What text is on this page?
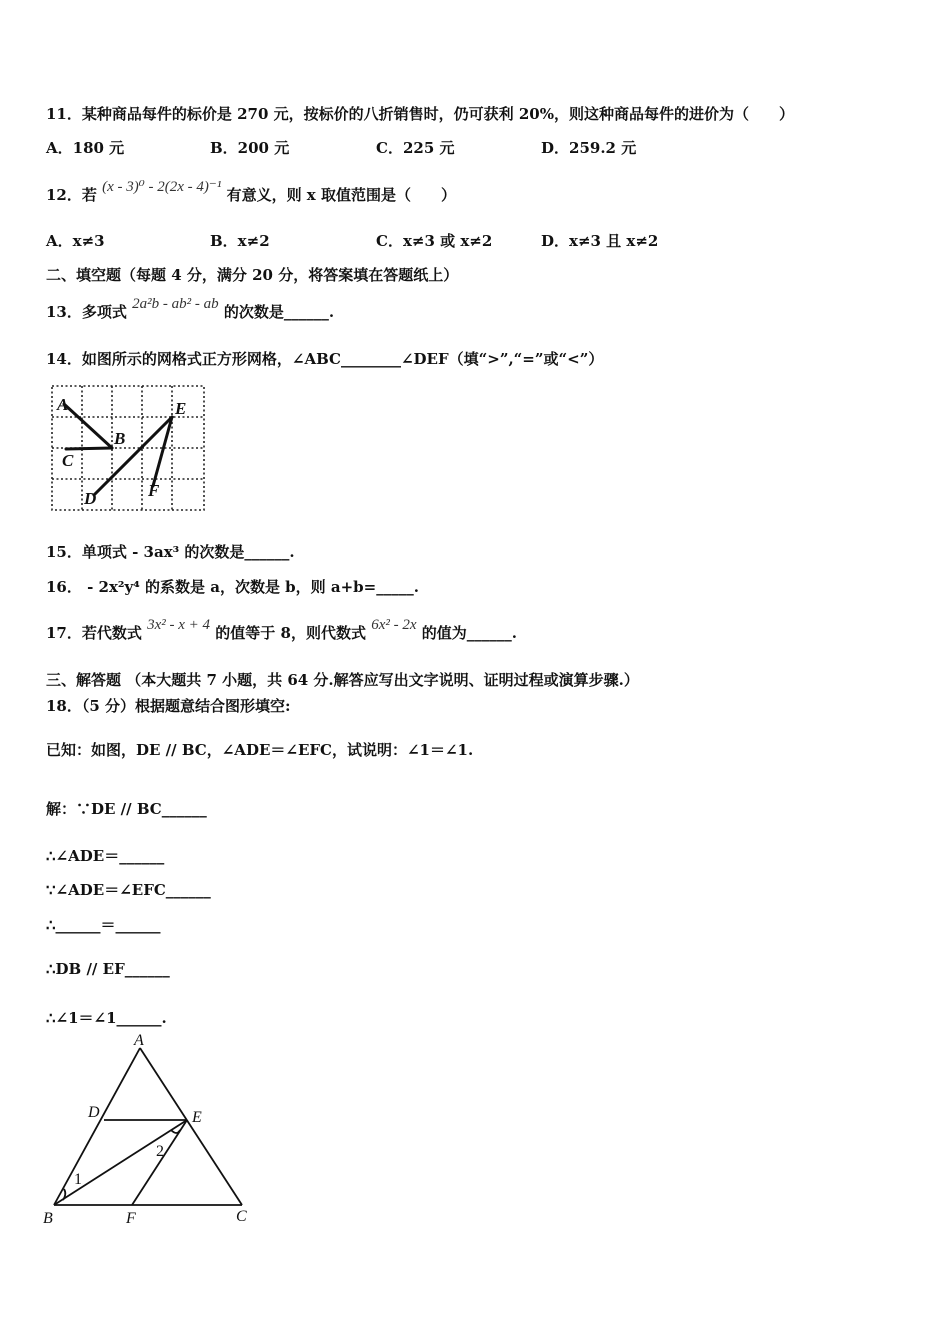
11．某种商品每件的标价是 270 元，按标价的八折销售时，仍可获利 20%，则这种商品每件的进价为（　　）
A．180 元	B．200 元	C．225 元	D．259.2 元
12．若 (x - 3)⁰ - 2(2x - 4)⁻¹ 有意义，则 x 取值范围是（　　）
A．x≠3	B．x≠2	C．x≠3 或 x≠2	D．x≠3 且 x≠2
二、填空题（每题 4 分，满分 20 分，将答案填在答题纸上）
13．多项式 2a²b - ab² - ab 的次数是______.
14．如图所示的网格式正方形网格，∠ABC________∠DEF（填“>”,“=”或“<”）
A
B
C
D
E
F
15．单项式 - 3ax³ 的次数是______.
16． - 2x²y⁴ 的系数是 a，次数是 b，则 a+b=_____.
17．若代数式 3x² - x + 4 的值等于 8，则代数式 6x² - 2x 的值为______.
三、解答题 （本大题共 7 小题，共 64 分.解答应写出文字说明、证明过程或演算步骤.）
18．（5 分）根据题意结合图形填空:
已知：如图，DE // BC，∠ADE＝∠EFC，试说明：∠1＝∠1.
解：∵DE // BC______
∴∠ADE＝______
∵∠ADE＝∠EFC______
∴______＝______
∴DB // EF______
∴∠1＝∠1______.
A
D	E
B	F	C
1
2
